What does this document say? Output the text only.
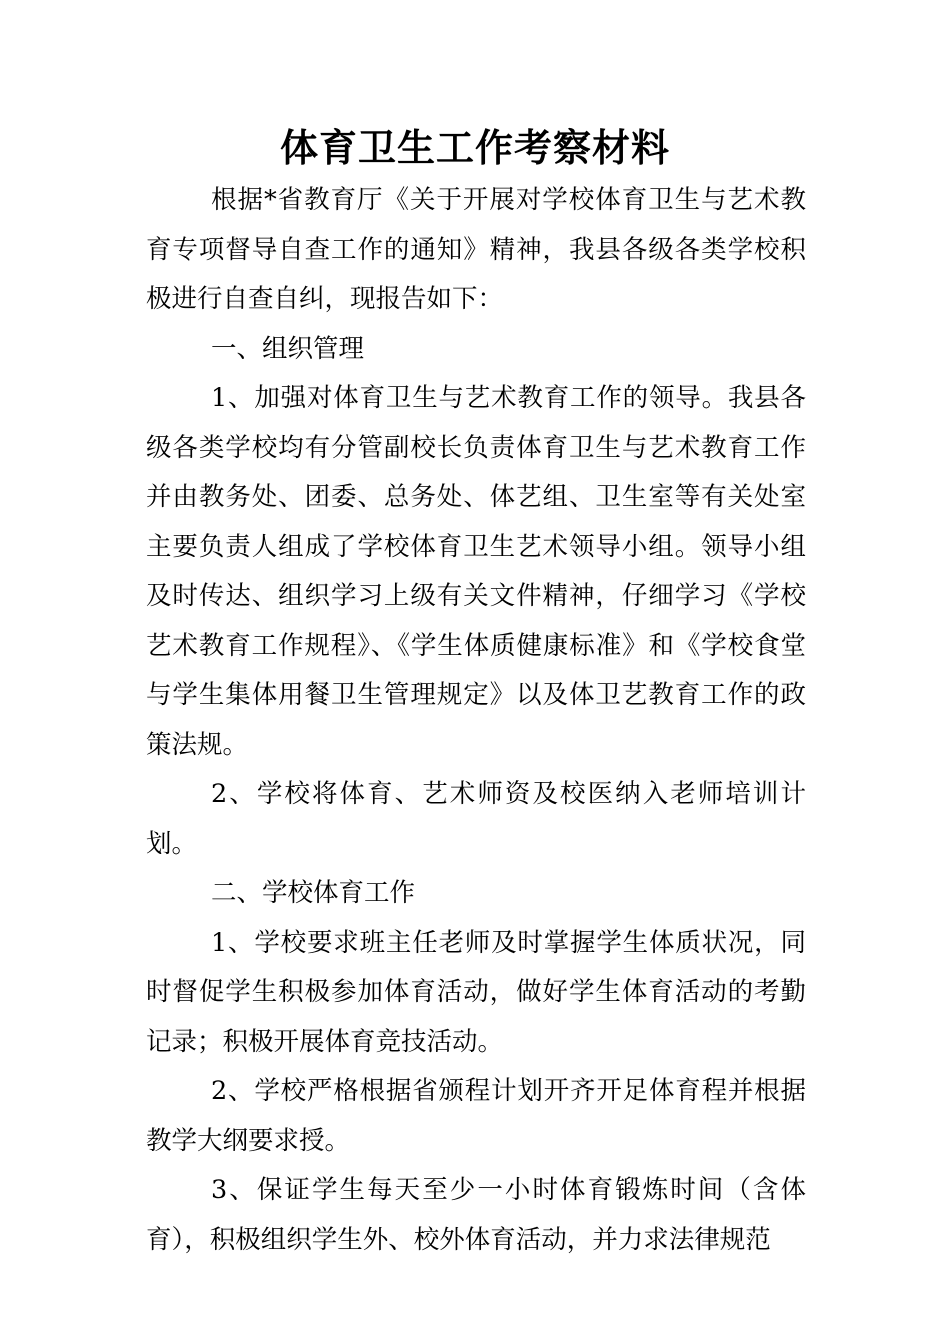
体育卫生工作考察材料

根据*省教育厅《关于开展对学校体育卫生与艺术教育专项督导自查工作的通知》精神，我县各级各类学校积极进行自查自纠，现报告如下：

一、组织管理

1、加强对体育卫生与艺术教育工作的领导。我县各级各类学校均有分管副校长负责体育卫生与艺术教育工作并由教务处、团委、总务处、体艺组、卫生室等有关处室主要负责人组成了学校体育卫生艺术领导小组。领导小组及时传达、组织学习上级有关文件精神，仔细学习《学校艺术教育工作规程》、《学生体质健康标准》和《学校食堂与学生集体用餐卫生管理规定》以及体卫艺教育工作的政策法规。

2、学校将体育、艺术师资及校医纳入老师培训计划。

二、学校体育工作

1、学校要求班主任老师及时掌握学生体质状况，同时督促学生积极参加体育活动，做好学生体育活动的考勤记录；积极开展体育竞技活动。

2、学校严格根据省颁程计划开齐开足体育程并根据教学大纲要求授。

3、保证学生每天至少一小时体育锻炼时间（含体育），积极组织学生外、校外体育活动，并力求法律规范
